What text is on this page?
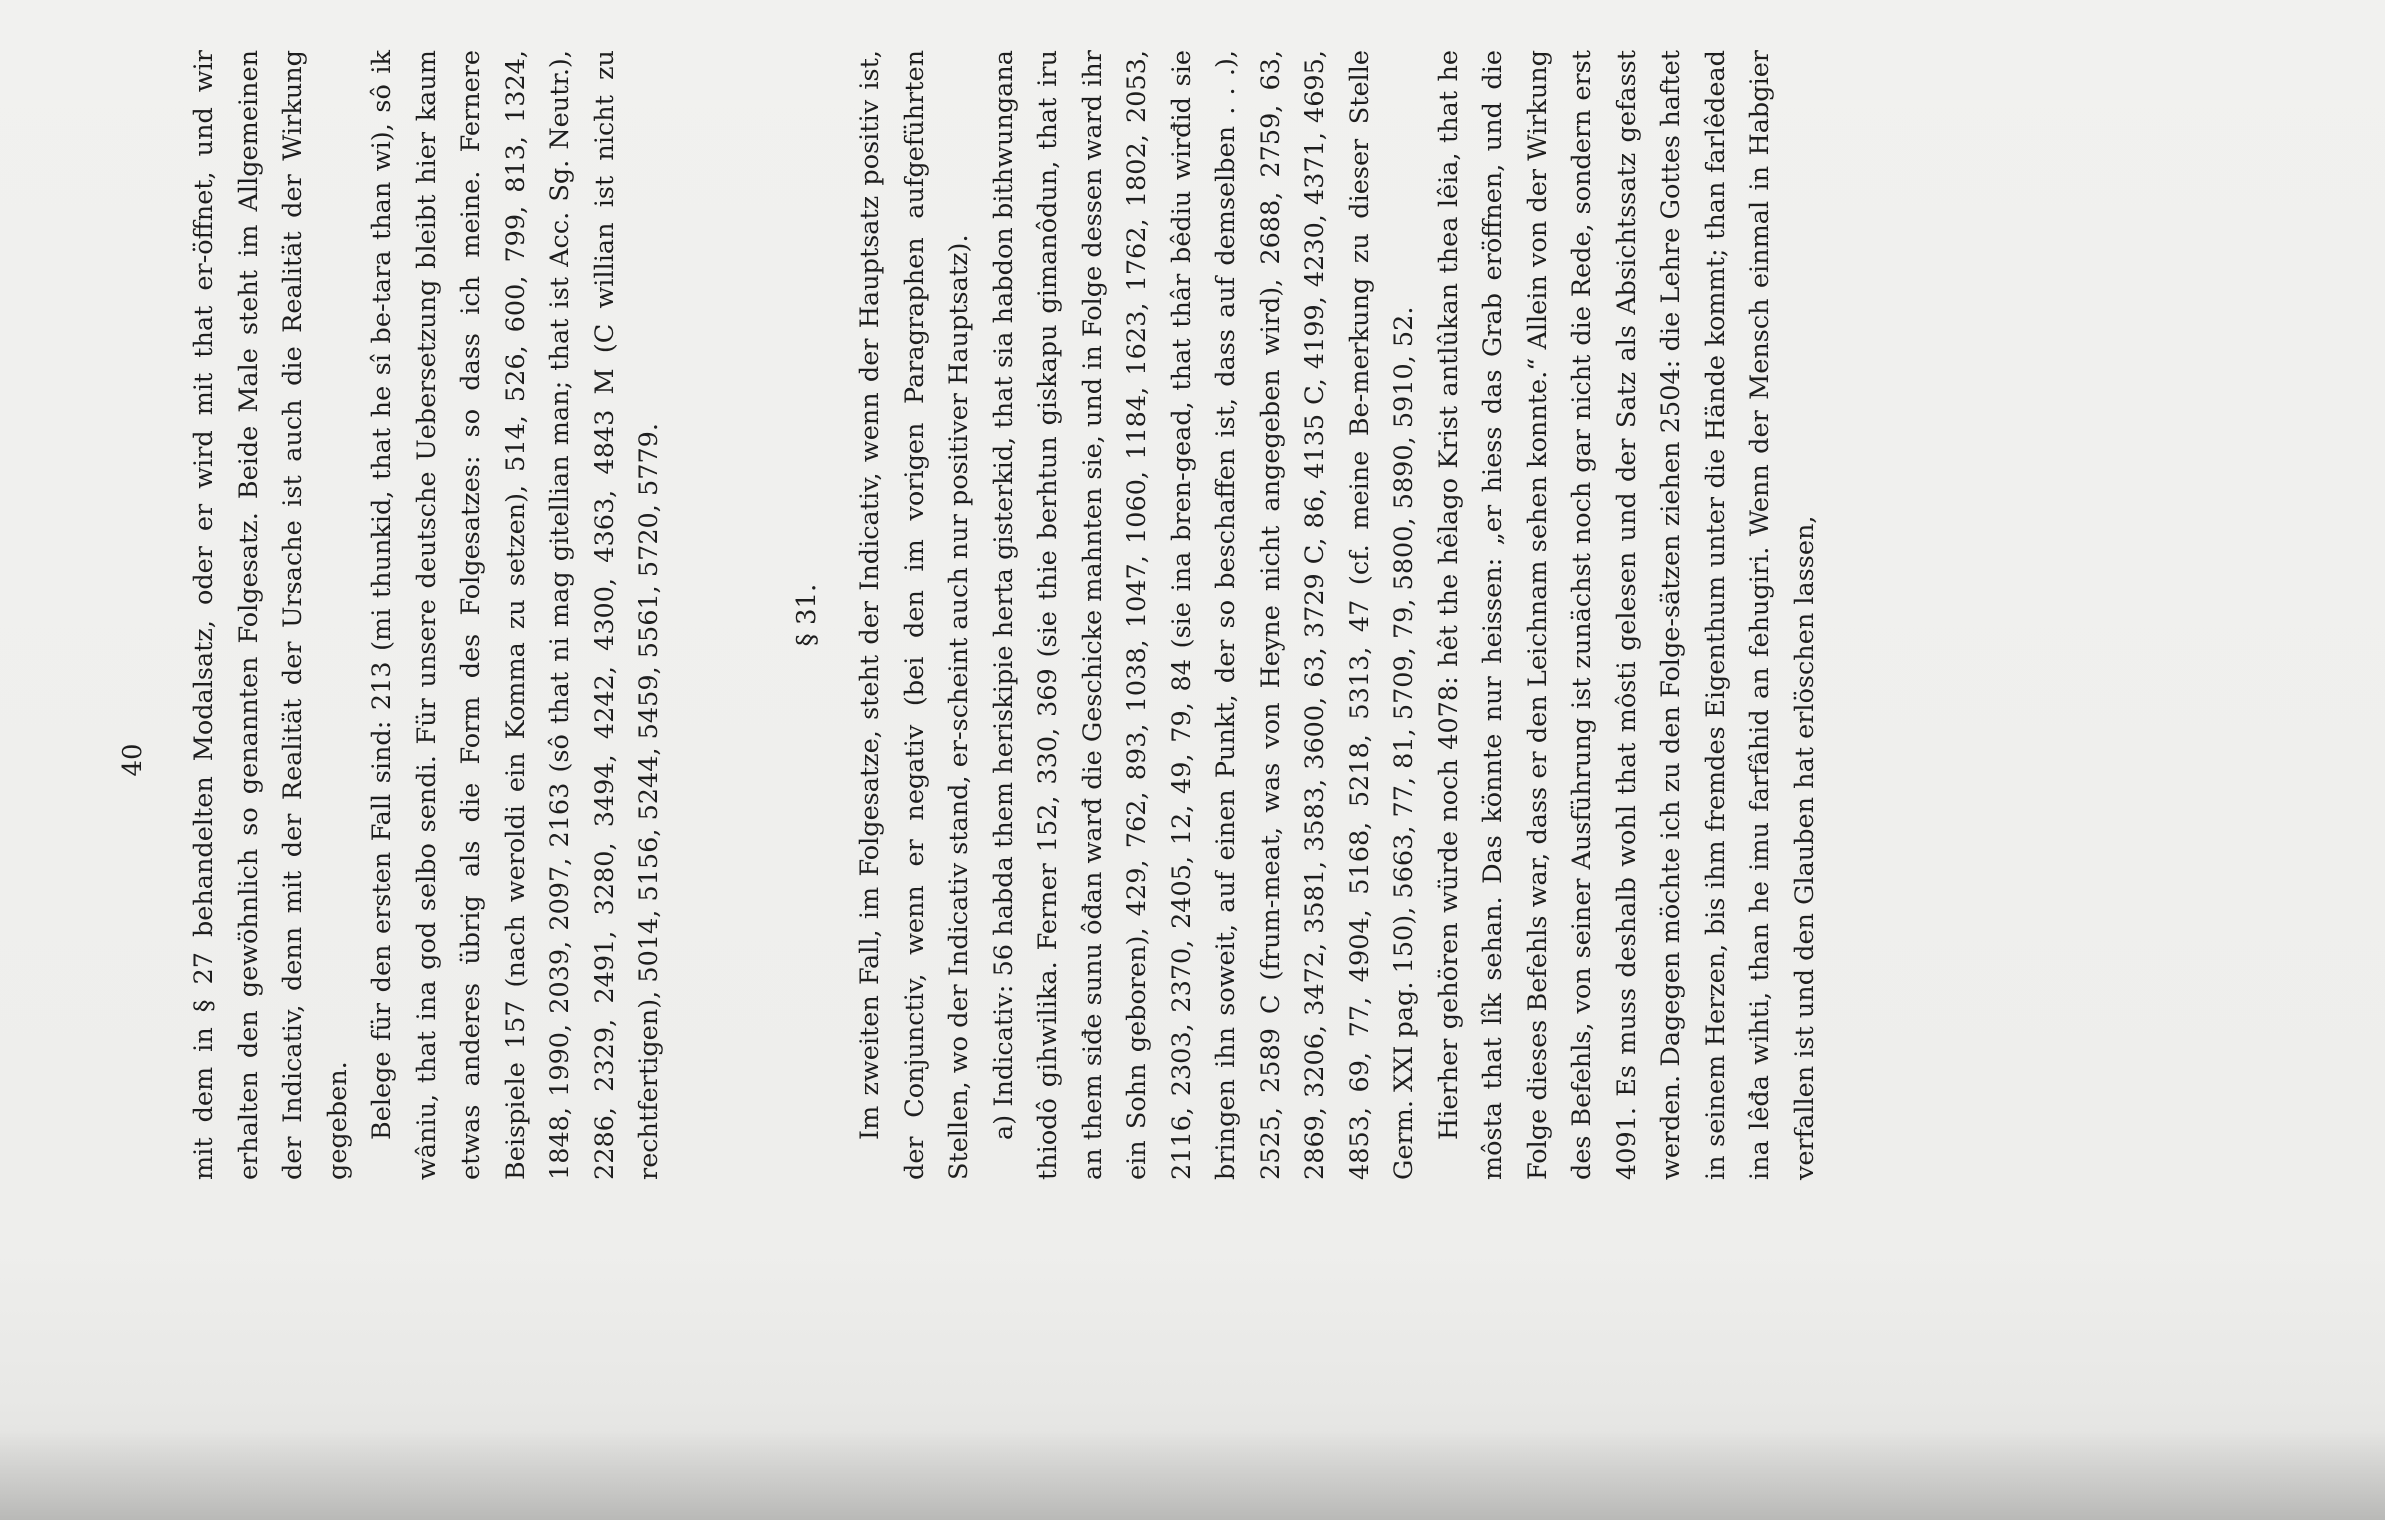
40 mit dem in § 27 behandelten Modalsatz, oder er wird mit that er-öffnet, und wir erhalten den gewöhnlich so genannten Folgesatz. Beide Male steht im Allgemeinen der Indicativ, denn mit der Realität der Ursache ist auch die Realität der Wirkung gegeben. Belege für den ersten Fall sind: 213 (mi thunkid, that he sî be-tara than wi), sô ik wâniu, that ina god selbo sendi. Für unsere deutsche Uebersetzung bleibt hier kaum etwas anderes übrig als die Form des Folgesatzes: so dass ich meine. Fernere Beispiele 157 (nach weroldi ein Komma zu setzen), 514, 526, 600, 799, 813, 1324, 1848, 1990, 2039, 2097, 2163 (sô that ni mag gitellian man; that ist Acc. Sg. Neutr.), 2286, 2329, 2491, 3280, 3494, 4242, 4300, 4363, 4843 M (C willian ist nicht zu rechtfertigen), 5014, 5156, 5244, 5459, 5561, 5720, 5779.	§ 31. Im zweiten Fall, im Folgesatze, steht der Indicativ, wenn der Hauptsatz positiv ist, der Conjunctiv, wenn er negativ (bei den im vorigen Paragraphen aufgeführten Stellen, wo der Indicativ stand, er-scheint auch nur positiver Hauptsatz). a) Indicativ: 56 habda them heriskipie herta gisterkid, that sia habdon bithwungana thiodô gihwilika. Ferner 152, 330, 369 (sie thie berhtun giskapu gimanôdun, that iru an them siđe sunu ôđan warđ die Geschicke mahnten sie, und in Folge dessen ward ihr ein Sohn geboren), 429, 762, 893, 1038, 1047, 1060, 1184, 1623, 1762, 1802, 2053, 2116, 2303, 2370, 2405, 12, 49, 79, 84 (sie ina bren-gead, that thâr bêdiu wirđid sie bringen ihn soweit, auf einen Punkt, der so beschaffen ist, dass auf demselben . . .), 2525, 2589 C (frum-meat, was von Heyne nicht angegeben wird), 2688, 2759, 63, 2869, 3206, 3472, 3581, 3583, 3600, 63, 3729 C, 86, 4135 C, 4199, 4230, 4371, 4695, 4853, 69, 77, 4904, 5168, 5218, 5313, 47 (cf. meine Be-merkung zu dieser Stelle Germ. XXI pag. 150), 5663, 77, 81, 5709, 79, 5800, 5890, 5910, 52. Hierher gehören würde noch 4078: hêt the hêlago Krist antlûkan thea lêia, that he môsta that lîk sehan. Das könnte nur heissen: „er hiess das Grab eröffnen, und die Folge dieses Befehls war, dass er den Leichnam sehen konnte.“ Allein von der Wirkung des Befehls, von seiner Ausführung ist zunächst noch gar nicht die Rede, sondern erst 4091. Es muss deshalb wohl that môsti gelesen und der Satz als Absichtssatz gefasst werden. Dagegen möchte ich zu den Folge-sätzen ziehen 2504: die Lehre Gottes haftet in seinem Herzen, bis ihm fremdes Eigenthum unter die Hände kommt; than farlêdead ina lêđa wihti, than he imu farfâhid an fehugiri. Wenn der Mensch einmal in Habgier verfallen ist und den Glauben hat erlöschen lassen,
